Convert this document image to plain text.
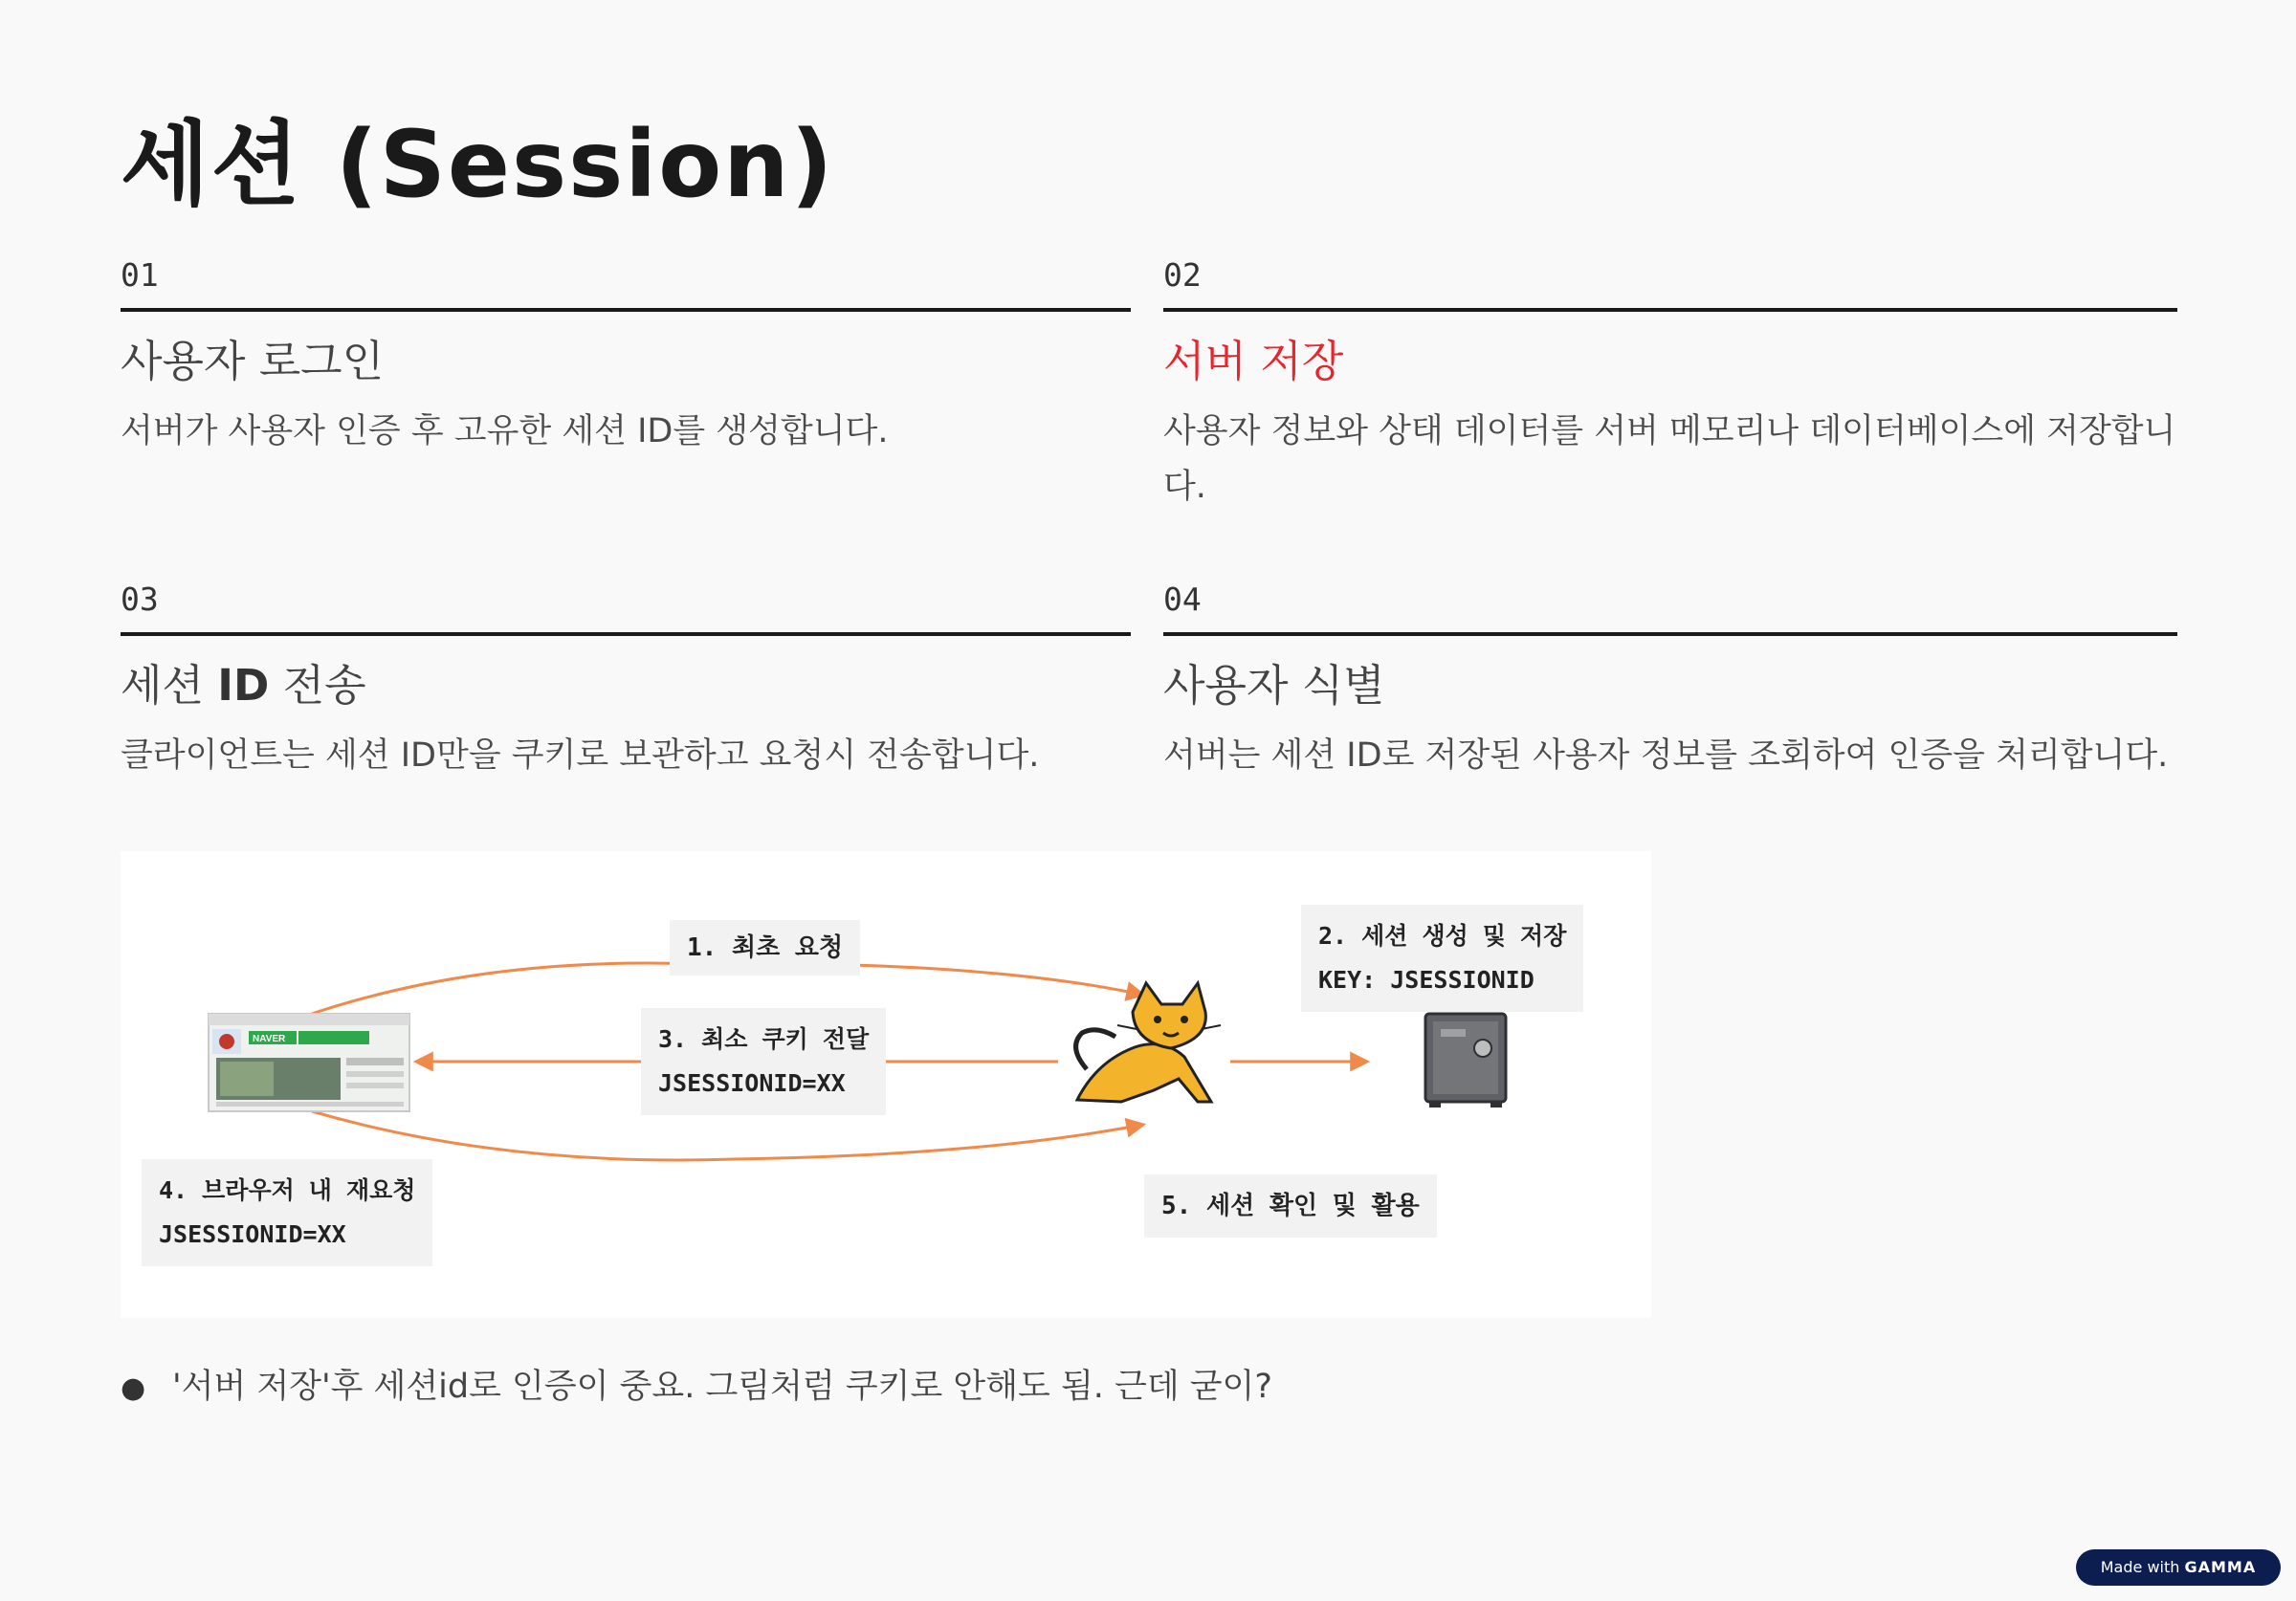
세션 (Session)
01
사용자 로그인
서버가 사용자 인증 후 고유한 세션 ID를 생성합니다.
02
서버 저장
사용자 정보와 상태 데이터를 서버 메모리나 데이터베이스에 저장합니다.
03
세션 ID 전송
클라이언트는 세션 ID만을 쿠키로 보관하고 요청시 전송합니다.
04
사용자 식별
서버는 세션 ID로 저장된 사용자 정보를 조회하여 인증을 처리합니다.
NAVER
1. 최초 요청	2. 세션 생성 및 저장
KEY: JSESSIONID
3. 최소 쿠키 전달
JSESSIONID=XX
4. 브라우저 내 재요청
JSESSIONID=XX
5. 세션 확인 및 활용
● '서버 저장'후 세션id로 인증이 중요. 그림처럼 쿠키로 안해도 됨. 근데 굳이?
Made with GAMMA
